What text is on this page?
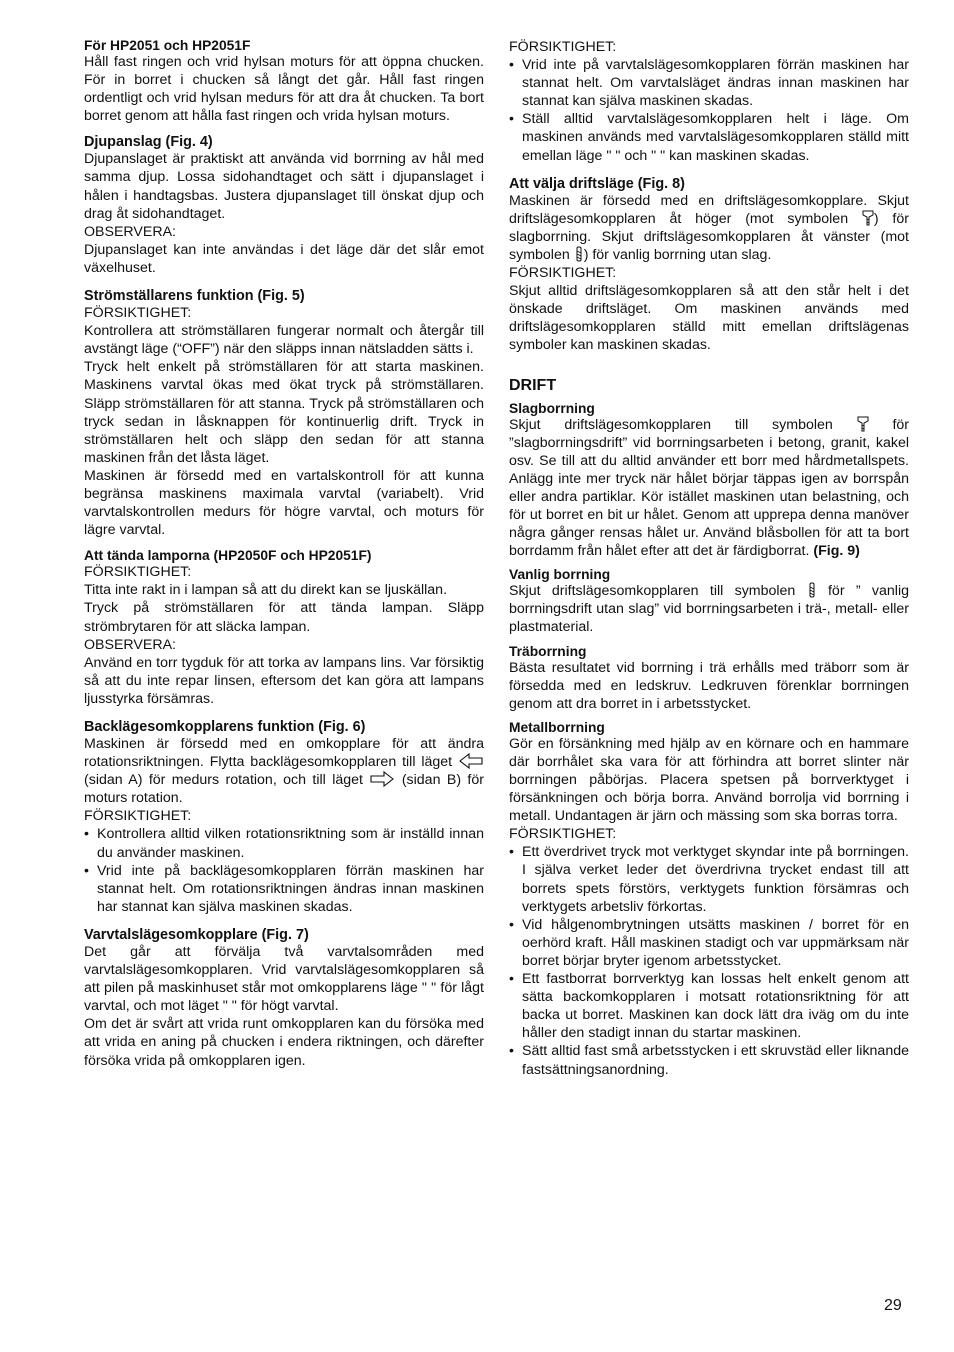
För HP2051 och HP2051F

Håll fast ringen och vrid hylsan moturs för att öppna chucken. För in borret i chucken så långt det går. Håll fast ringen ordentligt och vrid hylsan medurs för att dra åt chucken. Ta bort borret genom att hålla fast ringen och vrida hylsan moturs.

Djupanslag (Fig. 4)

Djupanslaget är praktiskt att använda vid borrning av hål med samma djup. Lossa sidohandtaget och sätt i djupanslaget i hålen i handtagsbas. Justera djupanslaget till önskat djup och drag åt sidohandtaget.

OBSERVERA:

Djupanslaget kan inte användas i det läge där det slår emot växelhuset.

Strömställarens funktion (Fig. 5)
FÖRSIKTIGHET:

Kontrollera att strömställaren fungerar normalt och återgår till avstängt läge (“OFF”) när den släpps innan nätsladden sätts i.

Tryck helt enkelt på strömställaren för att starta maskinen. Maskinens varvtal ökas med ökat tryck på strömställaren. Släpp strömställaren för att stanna. Tryck på strömställaren och tryck sedan in låsknappen för kontinuerlig drift. Tryck in strömställaren helt och släpp den sedan för att stanna maskinen från det låsta läget.

Maskinen är försedd med en vartalskontroll för att kunna begränsa maskinens maximala varvtal (variabelt). Vrid varvtalskontrollen medurs för högre varvtal, och moturs för lägre varvtal.

Att tända lamporna (HP2050F och HP2051F)
FÖRSIKTIGHET:

Titta inte rakt in i lampan så att du direkt kan se ljuskällan.

Tryck på strömställaren för att tända lampan. Släpp strömbrytaren för att släcka lampan.

OBSERVERA:

Använd en torr tygduk för att torka av lampans lins. Var försiktig så att du inte repar linsen, eftersom det kan göra att lampans ljusstyrka försämras.

Backlägesomkopplarens funktion (Fig. 6)

Maskinen är försedd med en omkopplare för att ändra rotationsriktningen. Flytta backlägesomkopplaren till läget  (sidan A) för medurs rotation, och till läget	(sidan B) för moturs rotation.

FÖRSIKTIGHET:
• Kontrollera alltid vilken rotationsriktning som är inställd innan du använder maskinen.
• Vrid inte på backlägesomkopplaren förrän maskinen har stannat helt. Om rotationsriktningen ändras innan maskinen har stannat kan själva maskinen skadas.
Varvtalslägesomkopplare (Fig. 7)

Det går att förvälja två varvtalsområden med varvtalslägesomkopplaren. Vrid varvtalslägesomkopplaren så att pilen på maskinhuset står mot omkopplarens läge " " för lågt varvtal, och mot läget " " för högt varvtal.

Om det är svårt att vrida runt omkopplaren kan du försöka med att vrida en aning på chucken i endera riktningen, och därefter försöka vrida på omkopplaren igen.

FÖRSIKTIGHET:
• Vrid inte på varvtalslägesomkopplaren förrän maskinen har stannat helt. Om varvtalsläget ändras innan maskinen har stannat kan själva maskinen skadas.
• Ställ alltid varvtalslägesomkopplaren helt i läge. Om maskinen används med varvtalslägesomkopplaren ställd mitt emellan läge " " och " " kan maskinen skadas.
Att välja driftsläge (Fig. 8)

Maskinen är försedd med en driftslägesomkopplare. Skjut driftslägesomkopplaren åt höger (mot symbolen ) för slagborrning. Skjut driftslägesomkopplaren åt vänster (mot symbolen ) för vanlig borrning utan slag.

FÖRSIKTIGHET:

Skjut alltid driftslägesomkopplaren så att den står helt i det önskade driftsläget. Om maskinen används med driftslägesomkopplaren ställd mitt emellan driftslägenas symboler kan maskinen skadas.

DRIFT
Slagborrning

Skjut driftslägesomkopplaren till symbolen	för ”slagborrningsdrift” vid borrningsarbeten i betong, granit, kakel osv. Se till att du alltid använder ett borr med hårdmetallspets. Anlägg inte mer tryck när hålet börjar täppas igen av borrspån eller andra partiklar. Kör istället maskinen utan belastning, och för ut borret en bit ur hålet. Genom att upprepa denna manöver några gånger rensas hålet ur. Använd blåsbollen för att ta bort borrdamm från hålet efter att det är färdigborrat. (Fig. 9)

Vanlig borrning

Skjut driftslägesomkopplaren till symbolen för ” vanlig borrningsdrift utan slag” vid borrningsarbeten i trä-, metall- eller plastmaterial.

Träborrning

Bästa resultatet vid borrning i trä erhålls med träborr som är försedda med en ledskruv. Ledkruven förenklar borrningen genom att dra borret in i arbetsstycket.

Metallborrning

Gör en försänkning med hjälp av en körnare och en hammare där borrhålet ska vara för att förhindra att borret slinter när borrningen påbörjas. Placera spetsen på borrverktyget i försänkningen och börja borra. Använd borrolja vid borrning i metall. Undantagen är järn och mässing som ska borras torra.

FÖRSIKTIGHET:
• Ett överdrivet tryck mot verktyget skyndar inte på borrningen. I själva verket leder det överdrivna trycket endast till att borrets spets förstörs, verktygets funktion försämras och verktygets arbetsliv förkortas.
• Vid hålgenombrytningen utsätts maskinen / borret för en oerhörd kraft. Håll maskinen stadigt och var uppmärksam när borret börjar bryter igenom arbetsstycket.
• Ett fastborrat borrverktyg kan lossas helt enkelt genom att sätta backomkopplaren i motsatt rotationsriktning för att backa ut borret. Maskinen kan dock lätt dra iväg om du inte håller den stadigt innan du startar maskinen.
• Sätt alltid fast små arbetsstycken i ett skruvstäd eller liknande fastsättningsanordning.
29
